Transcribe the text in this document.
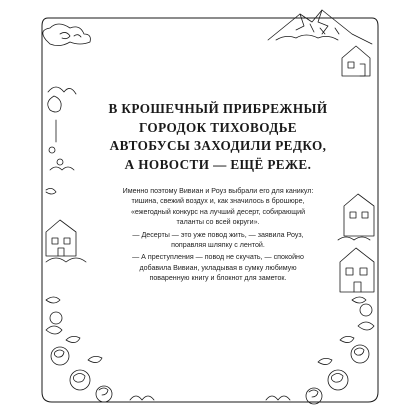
В КРОШЕЧНЫЙ ПРИБРЕЖНЫЙ
ГОРОДОК ТИХОВОДЬЕ
АВТОБУСЫ ЗАХОДИЛИ РЕДКО,
А НОВОСТИ — ЕЩЁ РЕЖЕ.
Именно поэтому Вивиан и Роуз выбрали его для каникул:
тишина, свежий воздух и, как значилось в брошюре,
«ежегодный конкурс на лучший десерт, собирающий
таланты со всей округи».
— Десерты — это уже повод жить, — заявила Роуз,
поправляя шляпку с лентой.
— А преступления — повод не скучать, — спокойно
добавила Вивиан, укладывая в сумку любимую
поваренную книгу и блокнот для заметок.
